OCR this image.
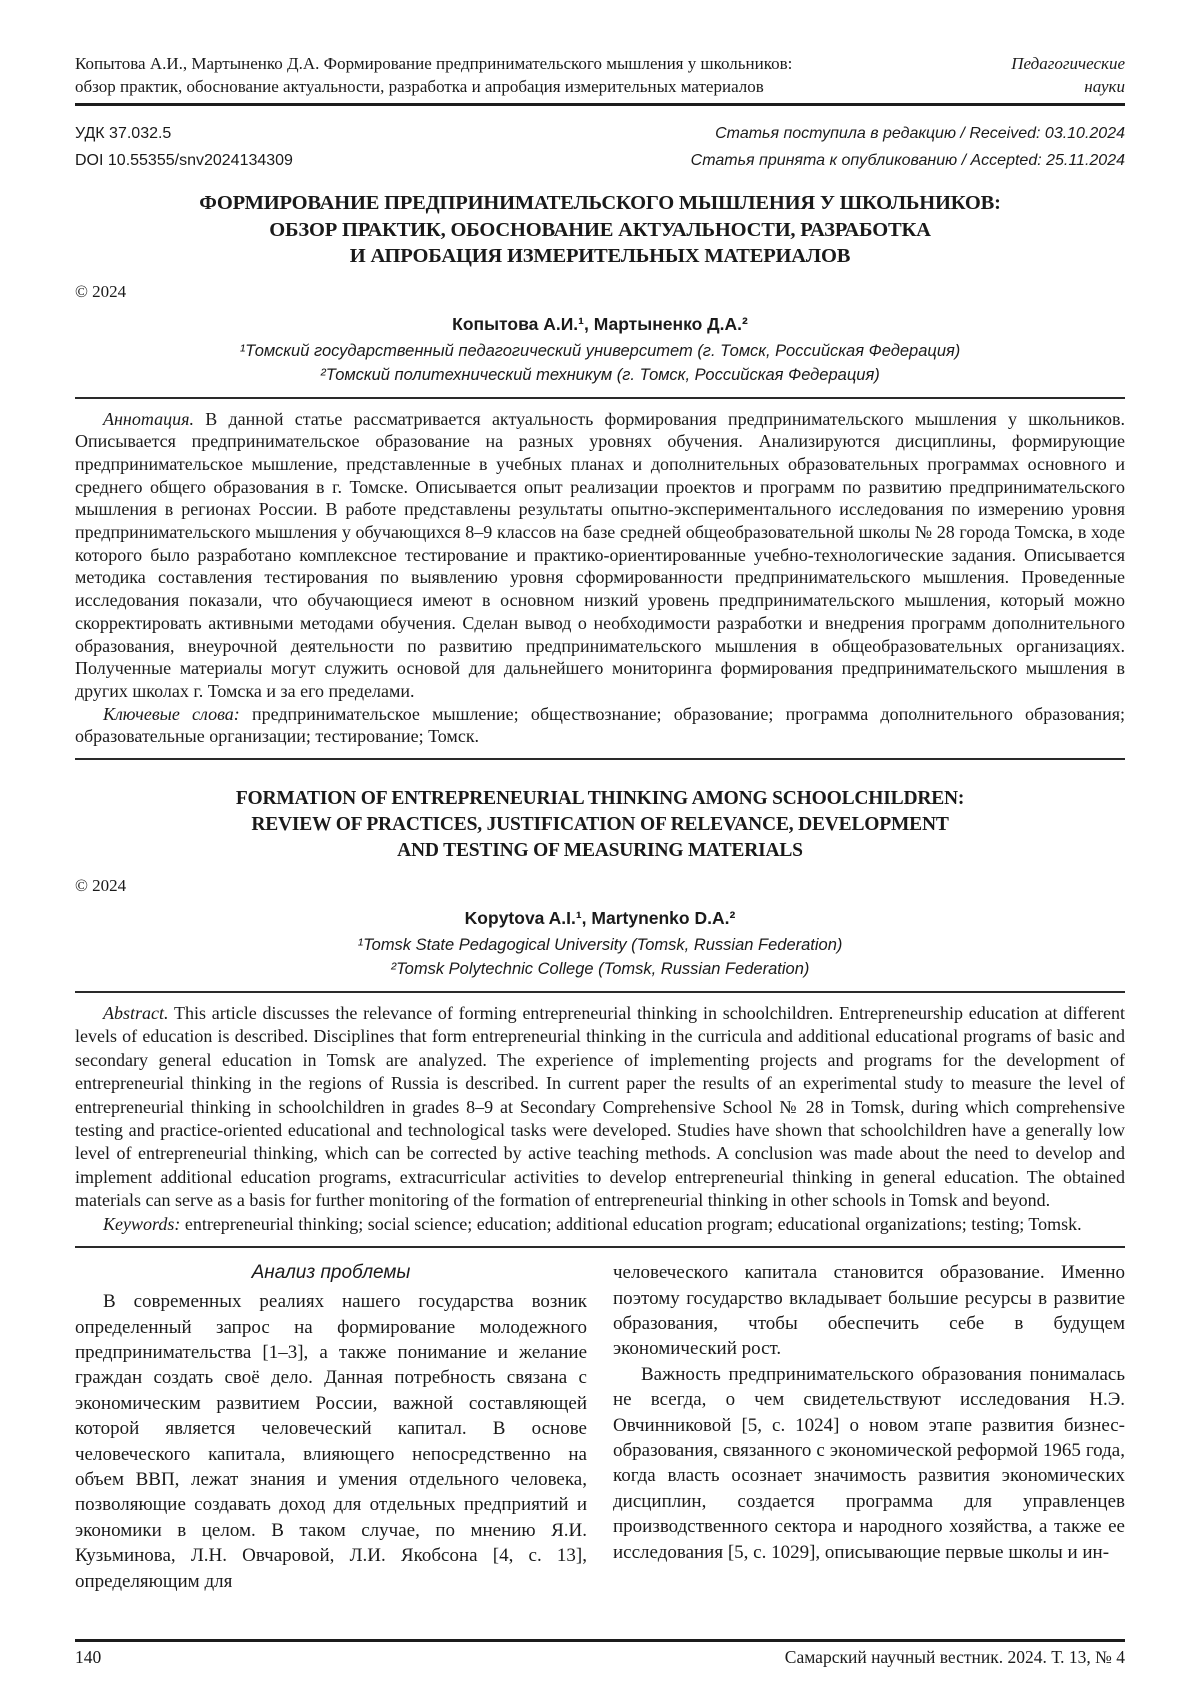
Копытова А.И., Мартыненко Д.А. Формирование предпринимательского мышления у школьников:
обзор практик, обоснование актуальности, разработка и апробация измерительных материалов
Педагогические
науки
УДК 37.032.5	Статья поступила в редакцию / Received: 03.10.2024
DOI 10.55355/snv2024134309	Статья принята к опубликованию / Accepted: 25.11.2024
ФОРМИРОВАНИЕ ПРЕДПРИНИМАТЕЛЬСКОГО МЫШЛЕНИЯ У ШКОЛЬНИКОВ:
ОБЗОР ПРАКТИК, ОБОСНОВАНИЕ АКТУАЛЬНОСТИ, РАЗРАБОТКА
И АПРОБАЦИЯ ИЗМЕРИТЕЛЬНЫХ МАТЕРИАЛОВ
© 2024
Копытова А.И.¹, Мартыненко Д.А.²
¹Томский государственный педагогический университет (г. Томск, Российская Федерация)
²Томский политехнический техникум (г. Томск, Российская Федерация)

Аннотация. В данной статье рассматривается актуальность формирования предпринимательского мышления у школьников. Описывается предпринимательское образование на разных уровнях обучения. Анализируются дисциплины, формирующие предпринимательское мышление, представленные в учебных планах и дополнительных образовательных программах основного и среднего общего образования в г. Томске. Описывается опыт реализации проектов и программ по развитию предпринимательского мышления в регионах России. В работе представлены результаты опытно-экспериментального исследования по измерению уровня предпринимательского мышления у обучающихся 8–9 классов на базе средней общеобразовательной школы № 28 города Томска, в ходе которого было разработано комплексное тестирование и практико-ориентированные учебно-технологические задания. Описывается методика составления тестирования по выявлению уровня сформированности предпринимательского мышления. Проведенные исследования показали, что обучающиеся имеют в основном низкий уровень предпринимательского мышления, который можно скорректировать активными методами обучения. Сделан вывод о необходимости разработки и внедрения программ дополнительного образования, внеурочной деятельности по развитию предпринимательского мышления в общеобразовательных организациях. Полученные материалы могут служить основой для дальнейшего мониторинга формирования предпринимательского мышления в других школах г. Томска и за его пределами.

Ключевые слова: предпринимательское мышление; обществознание; образование; программа дополнительного образования; образовательные организации; тестирование; Томск.

FORMATION OF ENTREPRENEURIAL THINKING AMONG SCHOOLCHILDREN:
REVIEW OF PRACTICES, JUSTIFICATION OF RELEVANCE, DEVELOPMENT
AND TESTING OF MEASURING MATERIALS
© 2024
Kopytova A.I.¹, Martynenko D.A.²
¹Tomsk State Pedagogical University (Tomsk, Russian Federation)
²Tomsk Polytechnic College (Tomsk, Russian Federation)

Abstract. This article discusses the relevance of forming entrepreneurial thinking in schoolchildren. Entrepreneurship education at different levels of education is described. Disciplines that form entrepreneurial thinking in the curricula and additional educational programs of basic and secondary general education in Tomsk are analyzed. The experience of implementing projects and programs for the development of entrepreneurial thinking in the regions of Russia is described. In current paper the results of an experimental study to measure the level of entrepreneurial thinking in schoolchildren in grades 8–9 at Secondary Comprehensive School № 28 in Tomsk, during which comprehensive testing and practice-oriented educational and technological tasks were developed. Studies have shown that schoolchildren have a generally low level of entrepreneurial thinking, which can be corrected by active teaching methods. A conclusion was made about the need to develop and implement additional education programs, extracurricular activities to develop entrepreneurial thinking in general education. The obtained materials can serve as a basis for further monitoring of the formation of entrepreneurial thinking in other schools in Tomsk and beyond.

Keywords: entrepreneurial thinking; social science; education; additional education program; educational organizations; testing; Tomsk.

Анализ проблемы

В современных реалиях нашего государства возник определенный запрос на формирование молодежного предпринимательства [1–3], а также понимание и желание граждан создать своё дело. Данная потребность связана с экономическим развитием России, важной составляющей которой является человеческий капитал. В основе человеческого капитала, влияющего непосредственно на объем ВВП, лежат знания и умения отдельного человека, позволяющие создавать доход для отдельных предприятий и экономики в целом. В таком случае, по мнению Я.И. Кузьминова, Л.Н. Овчаровой, Л.И. Якобсона [4, с. 13], определяющим для

человеческого капитала становится образование. Именно поэтому государство вкладывает большие ресурсы в развитие образования, чтобы обеспечить себе в будущем экономический рост.

Важность предпринимательского образования понималась не всегда, о чем свидетельствуют исследования Н.Э. Овчинниковой [5, с. 1024] о новом этапе развития бизнес-образования, связанного с экономической реформой 1965 года, когда власть осознает значимость развития экономических дисциплин, создается программа для управленцев производственного сектора и народного хозяйства, а также ее исследования [5, с. 1029], описывающие первые школы и ин-

140	Самарский научный вестник. 2024. Т. 13, № 4
